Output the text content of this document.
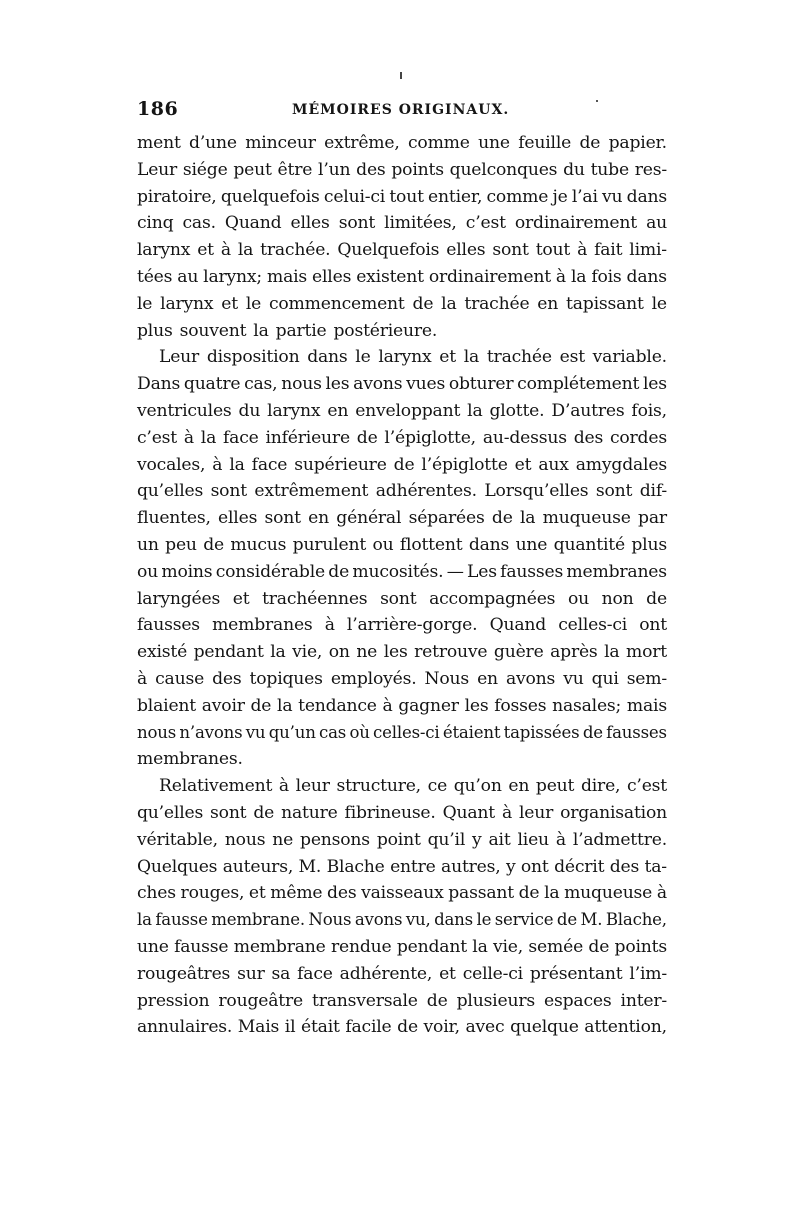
186	MÉMOIRES ORIGINAUX.
ment d’une minceur extrême, comme une feuille de papier.
Leur siége peut être l’un des points quelconques du tube res-
piratoire, quelquefois celui-ci tout entier, comme je l’ai vu dans
cinq cas. Quand elles sont limitées, c’est ordinairement au
larynx et à la trachée. Quelquefois elles sont tout à fait limi-
tées au larynx; mais elles existent ordinairement à la fois dans
le larynx et le commencement de la trachée en tapissant le
plus souvent la partie postérieure.
Leur disposition dans le larynx et la trachée est variable.
Dans quatre cas, nous les avons vues obturer complétement les
ventricules du larynx en enveloppant la glotte. D’autres fois,
c’est à la face inférieure de l’épiglotte, au-dessus des cordes
vocales, à la face supérieure de l’épiglotte et aux amygdales
qu’elles sont extrêmement adhérentes. Lorsqu’elles sont dif-
fluentes, elles sont en général séparées de la muqueuse par
un peu de mucus purulent ou flottent dans une quantité plus
ou moins considérable de mucosités. — Les fausses membranes
laryngées et trachéennes sont accompagnées ou non de
fausses membranes à l’arrière-gorge. Quand celles-ci ont
existé pendant la vie, on ne les retrouve guère après la mort
à cause des topiques employés. Nous en avons vu qui sem-
blaient avoir de la tendance à gagner les fosses nasales; mais
nous n’avons vu qu’un cas où celles-ci étaient tapissées de fausses
membranes.
Relativement à leur structure, ce qu’on en peut dire, c’est
qu’elles sont de nature fibrineuse. Quant à leur organisation
véritable, nous ne pensons point qu’il y ait lieu à l’admettre.
Quelques auteurs, M. Blache entre autres, y ont décrit des ta-
ches rouges, et même des vaisseaux passant de la muqueuse à
la fausse membrane. Nous avons vu, dans le service de M. Blache,
une fausse membrane rendue pendant la vie, semée de points
rougeâtres sur sa face adhérente, et celle-ci présentant l’im-
pression rougeâtre transversale de plusieurs espaces inter-
annulaires. Mais il était facile de voir, avec quelque attention,
